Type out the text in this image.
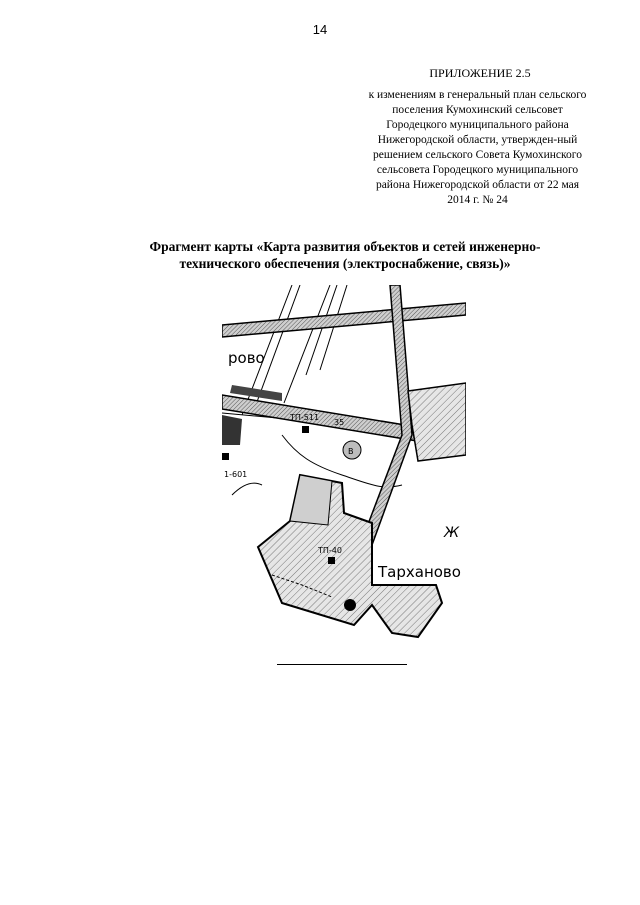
14
ПРИЛОЖЕНИЕ 2.5
к изменениям в генеральный план сельского
поселения Кумохинский сельсовет
Городецкого муниципального района
Нижегородской области, утвержден-ный
решением сельского Совета Кумохинского
сельсовета Городецкого муниципального
района Нижегородской области от 22 мая
2014 г. № 24
Фрагмент карты «Карта развития объектов и сетей инженерно-
технического обеспечения (электроснабжение, связь)»
В
рово
ТП-511
35
1-601
ТП-40
Тарханово
Ж
